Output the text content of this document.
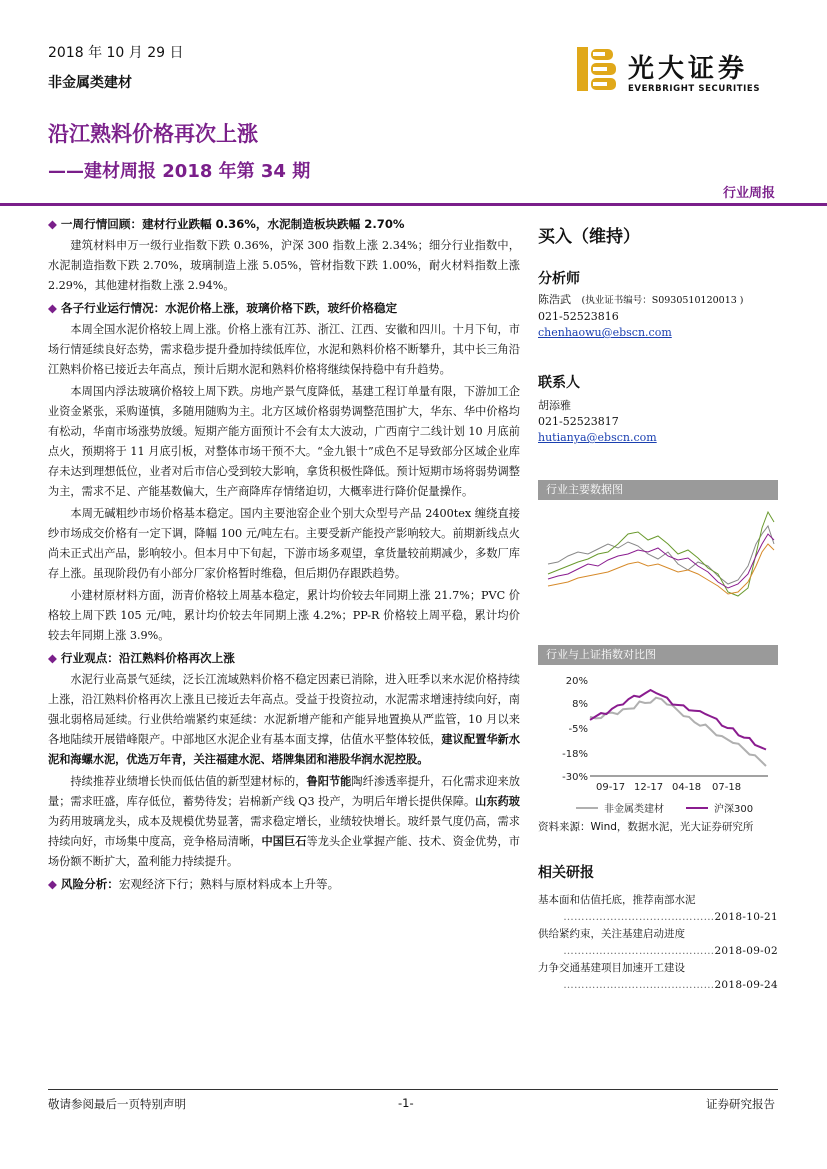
2018 年 10 月 29 日
非金属类建材
沿江熟料价格再次上涨
——建材周报 2018 年第 34 期
光大证券
EVERBRIGHT SECURITIES
行业周报
◆ 一周行情回顾：建材行业跌幅 0.36%，水泥制造板块跌幅 2.70%

建筑材料申万一级行业指数下跌 0.36%，沪深 300 指数上涨 2.34%；细分行业指数中，水泥制造指数下跌 2.70%，玻璃制造上涨 5.05%，管材指数下跌 1.00%，耐火材料指数上涨 2.29%，其他建材指数上涨 2.94%。

◆ 各子行业运行情况：水泥价格上涨，玻璃价格下跌，玻纤价格稳定

本周全国水泥价格较上周上涨。价格上涨有江苏、浙江、江西、安徽和四川。十月下旬，市场行情延续良好态势，需求稳步提升叠加持续低库位，水泥和熟料价格不断攀升，其中长三角沿江熟料价格已接近去年高点，预计后期水泥和熟料价格将继续保持稳中有升趋势。

本周国内浮法玻璃价格较上周下跌。房地产景气度降低，基建工程订单量有限，下游加工企业资金紧张，采购谨慎，多随用随购为主。北方区域价格弱势调整范围扩大，华东、华中价格均有松动，华南市场涨势放缓。短期产能方面预计不会有太大波动，广西南宁二线计划 10 月底前点火，预期将于 11 月底引板，对整体市场干预不大。“金九银十”成色不足导致部分区域企业库存未达到理想低位，业者对后市信心受到较大影响，拿货积极性降低。预计短期市场将弱势调整为主，需求不足、产能基数偏大，生产商降库存情绪迫切，大概率进行降价促量操作。

本周无碱粗纱市场价格基本稳定。国内主要池窑企业个别大众型号产品 2400tex 缠绕直接纱市场成交价格有一定下调，降幅 100 元/吨左右。主要受新产能投产影响较大。前期新线点火尚未正式出产品，影响较小。但本月中下旬起，下游市场多观望，拿货量较前期减少，多数厂库存上涨。虽现阶段仍有小部分厂家价格暂时维稳，但后期仍存跟跌趋势。

小建材原材料方面，沥青价格较上周基本稳定，累计均价较去年同期上涨 21.7%；PVC 价格较上周下跌 105 元/吨，累计均价较去年同期上涨 4.2%；PP-R 价格较上周平稳，累计均价较去年同期上涨 3.9%。

◆ 行业观点：沿江熟料价格再次上涨

水泥行业高景气延续，泛长江流域熟料价格不稳定因素已消除，进入旺季以来水泥价格持续上涨，沿江熟料价格再次上涨且已接近去年高点。受益于投资拉动，水泥需求增速持续向好，南强北弱格局延续。行业供给端紧约束延续：水泥新增产能和产能异地置换从严监管，10 月以来各地陆续开展错峰限产。中部地区水泥企业有基本面支撑，估值水平整体较低，建议配置华新水泥和海螺水泥，优选万年青，关注福建水泥、塔牌集团和港股华润水泥控股。

持续推荐业绩增长快而低估值的新型建材标的，鲁阳节能陶纤渗透率提升，石化需求迎来放量；需求旺盛，库存低位，蓄势待发；岩棉新产线 Q3 投产，为明后年增长提供保障。山东药玻为药用玻璃龙头，成本及规模优势显著，需求稳定增长，业绩较快增长。玻纤景气度仍高，需求持续向好，市场集中度高，竞争格局清晰，中国巨石等龙头企业掌握产能、技术、资金优势，市场份额不断扩大，盈利能力持续提升。

◆ 风险分析：宏观经济下行；熟料与原材料成本上升等。
买入（维持）
分析师
陈浩武 (执业证书编号：S0930510120013 )
021-52523816
chenhaowu@ebscn.com
联系人
胡添雅
021-52523817
hutianya@ebscn.com
行业主要数据图
行业与上证指数对比图
20%
8%
-5%
-18%
-30%
09-17 12-17 04-18 07-18
非金属类建材	沪深300
资料来源：Wind，数据水泥，光大证券研究所
相关研报
基本面和估值托底，推荐南部水泥
……………………………………2018-10-21
供给紧约束，关注基建启动进度
……………………………………2018-09-02
力争交通基建项目加速开工建设
……………………………………2018-09-24
敬请参阅最后一页特别声明	-1-	证券研究报告
